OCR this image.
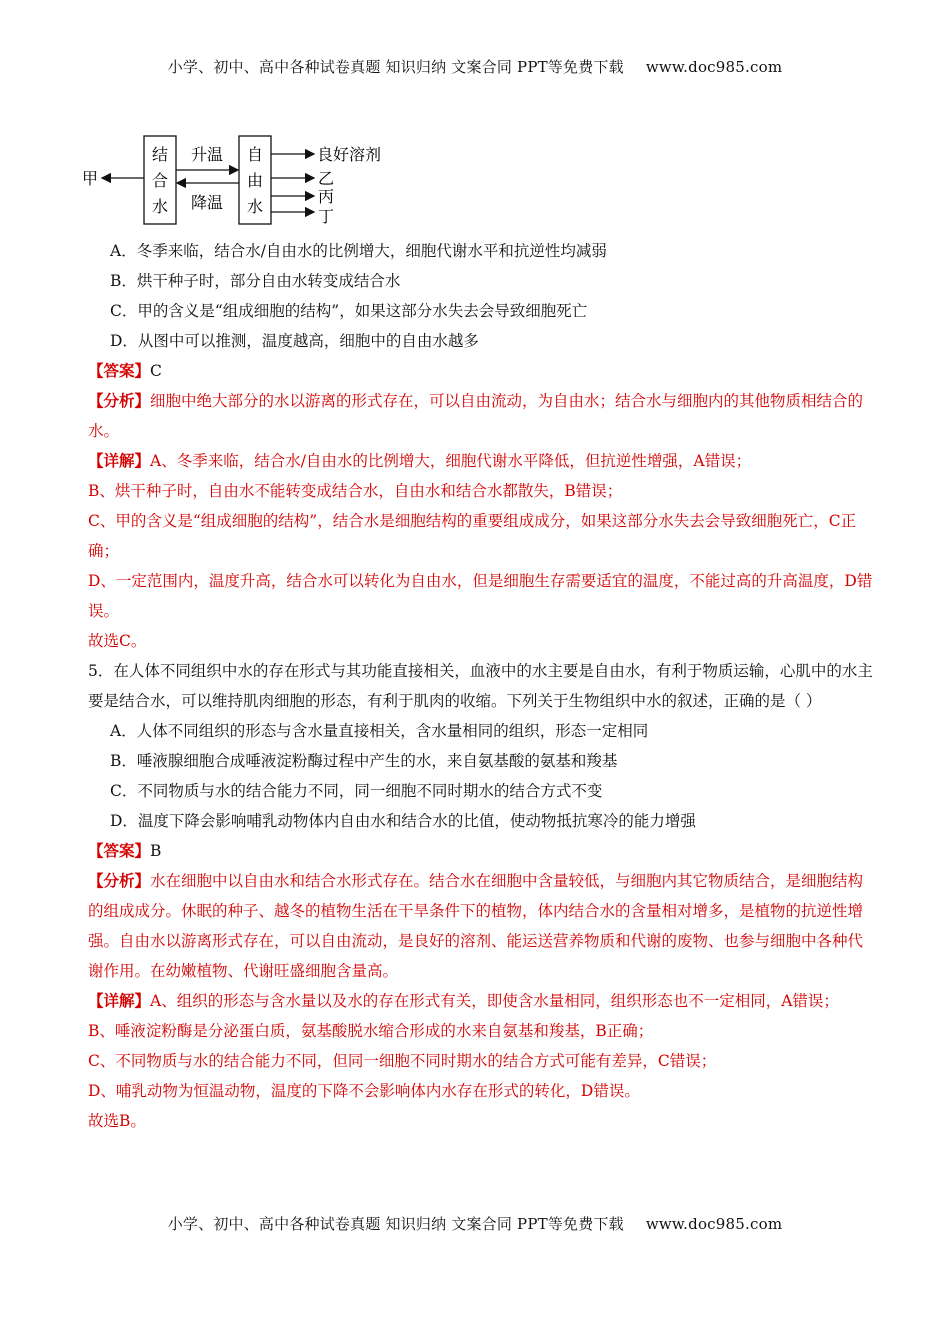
小学、初中、高中各种试卷真题 知识归纳 文案合同 PPT等免费下载 www.doc985.com
结
合
水
自
由
水
升温
降温
甲
良好溶剂
乙
丙
丁
A．冬季来临，结合水/自由水的比例增大，细胞代谢水平和抗逆性均减弱
B．烘干种子时，部分自由水转变成结合水
C．甲的含义是“组成细胞的结构”，如果这部分水失去会导致细胞死亡
D．从图中可以推测，温度越高，细胞中的自由水越多
【答案】C
【分析】细胞中绝大部分的水以游离的形式存在，可以自由流动，为自由水；结合水与细胞内的其他物质相结合的水。
【详解】A、冬季来临，结合水/自由水的比例增大，细胞代谢水平降低，但抗逆性增强，A错误；
B、烘干种子时，自由水不能转变成结合水，自由水和结合水都散失，B错误；
C、甲的含义是“组成细胞的结构”，结合水是细胞结构的重要组成成分，如果这部分水失去会导致细胞死亡，C正确；
D、一定范围内，温度升高，结合水可以转化为自由水，但是细胞生存需要适宜的温度，不能过高的升高温度，D错误。
故选C。
5．在人体不同组织中水的存在形式与其功能直接相关，血液中的水主要是自由水，有利于物质运输，心肌中的水主要是结合水，可以维持肌肉细胞的形态，有利于肌肉的收缩。下列关于生物组织中水的叙述，正确的是（ ）
A．人体不同组织的形态与含水量直接相关，含水量相同的组织，形态一定相同
B．唾液腺细胞合成唾液淀粉酶过程中产生的水，来自氨基酸的氨基和羧基
C．不同物质与水的结合能力不同，同一细胞不同时期水的结合方式不变
D．温度下降会影响哺乳动物体内自由水和结合水的比值，使动物抵抗寒冷的能力增强
【答案】B
【分析】水在细胞中以自由水和结合水形式存在。结合水在细胞中含量较低，与细胞内其它物质结合，是细胞结构的组成成分。休眠的种子、越冬的植物生活在干旱条件下的植物，体内结合水的含量相对增多，是植物的抗逆性增强。自由水以游离形式存在，可以自由流动，是良好的溶剂、能运送营养物质和代谢的废物、也参与细胞中各种代谢作用。在幼嫩植物、代谢旺盛细胞含量高。
【详解】A、组织的形态与含水量以及水的存在形式有关，即使含水量相同，组织形态也不一定相同，A错误；
B、唾液淀粉酶是分泌蛋白质，氨基酸脱水缩合形成的水来自氨基和羧基，B正确；
C、不同物质与水的结合能力不同，但同一细胞不同时期水的结合方式可能有差异，C错误；
D、哺乳动物为恒温动物，温度的下降不会影响体内水存在形式的转化，D错误。
故选B。
小学、初中、高中各种试卷真题 知识归纳 文案合同 PPT等免费下载 www.doc985.com
